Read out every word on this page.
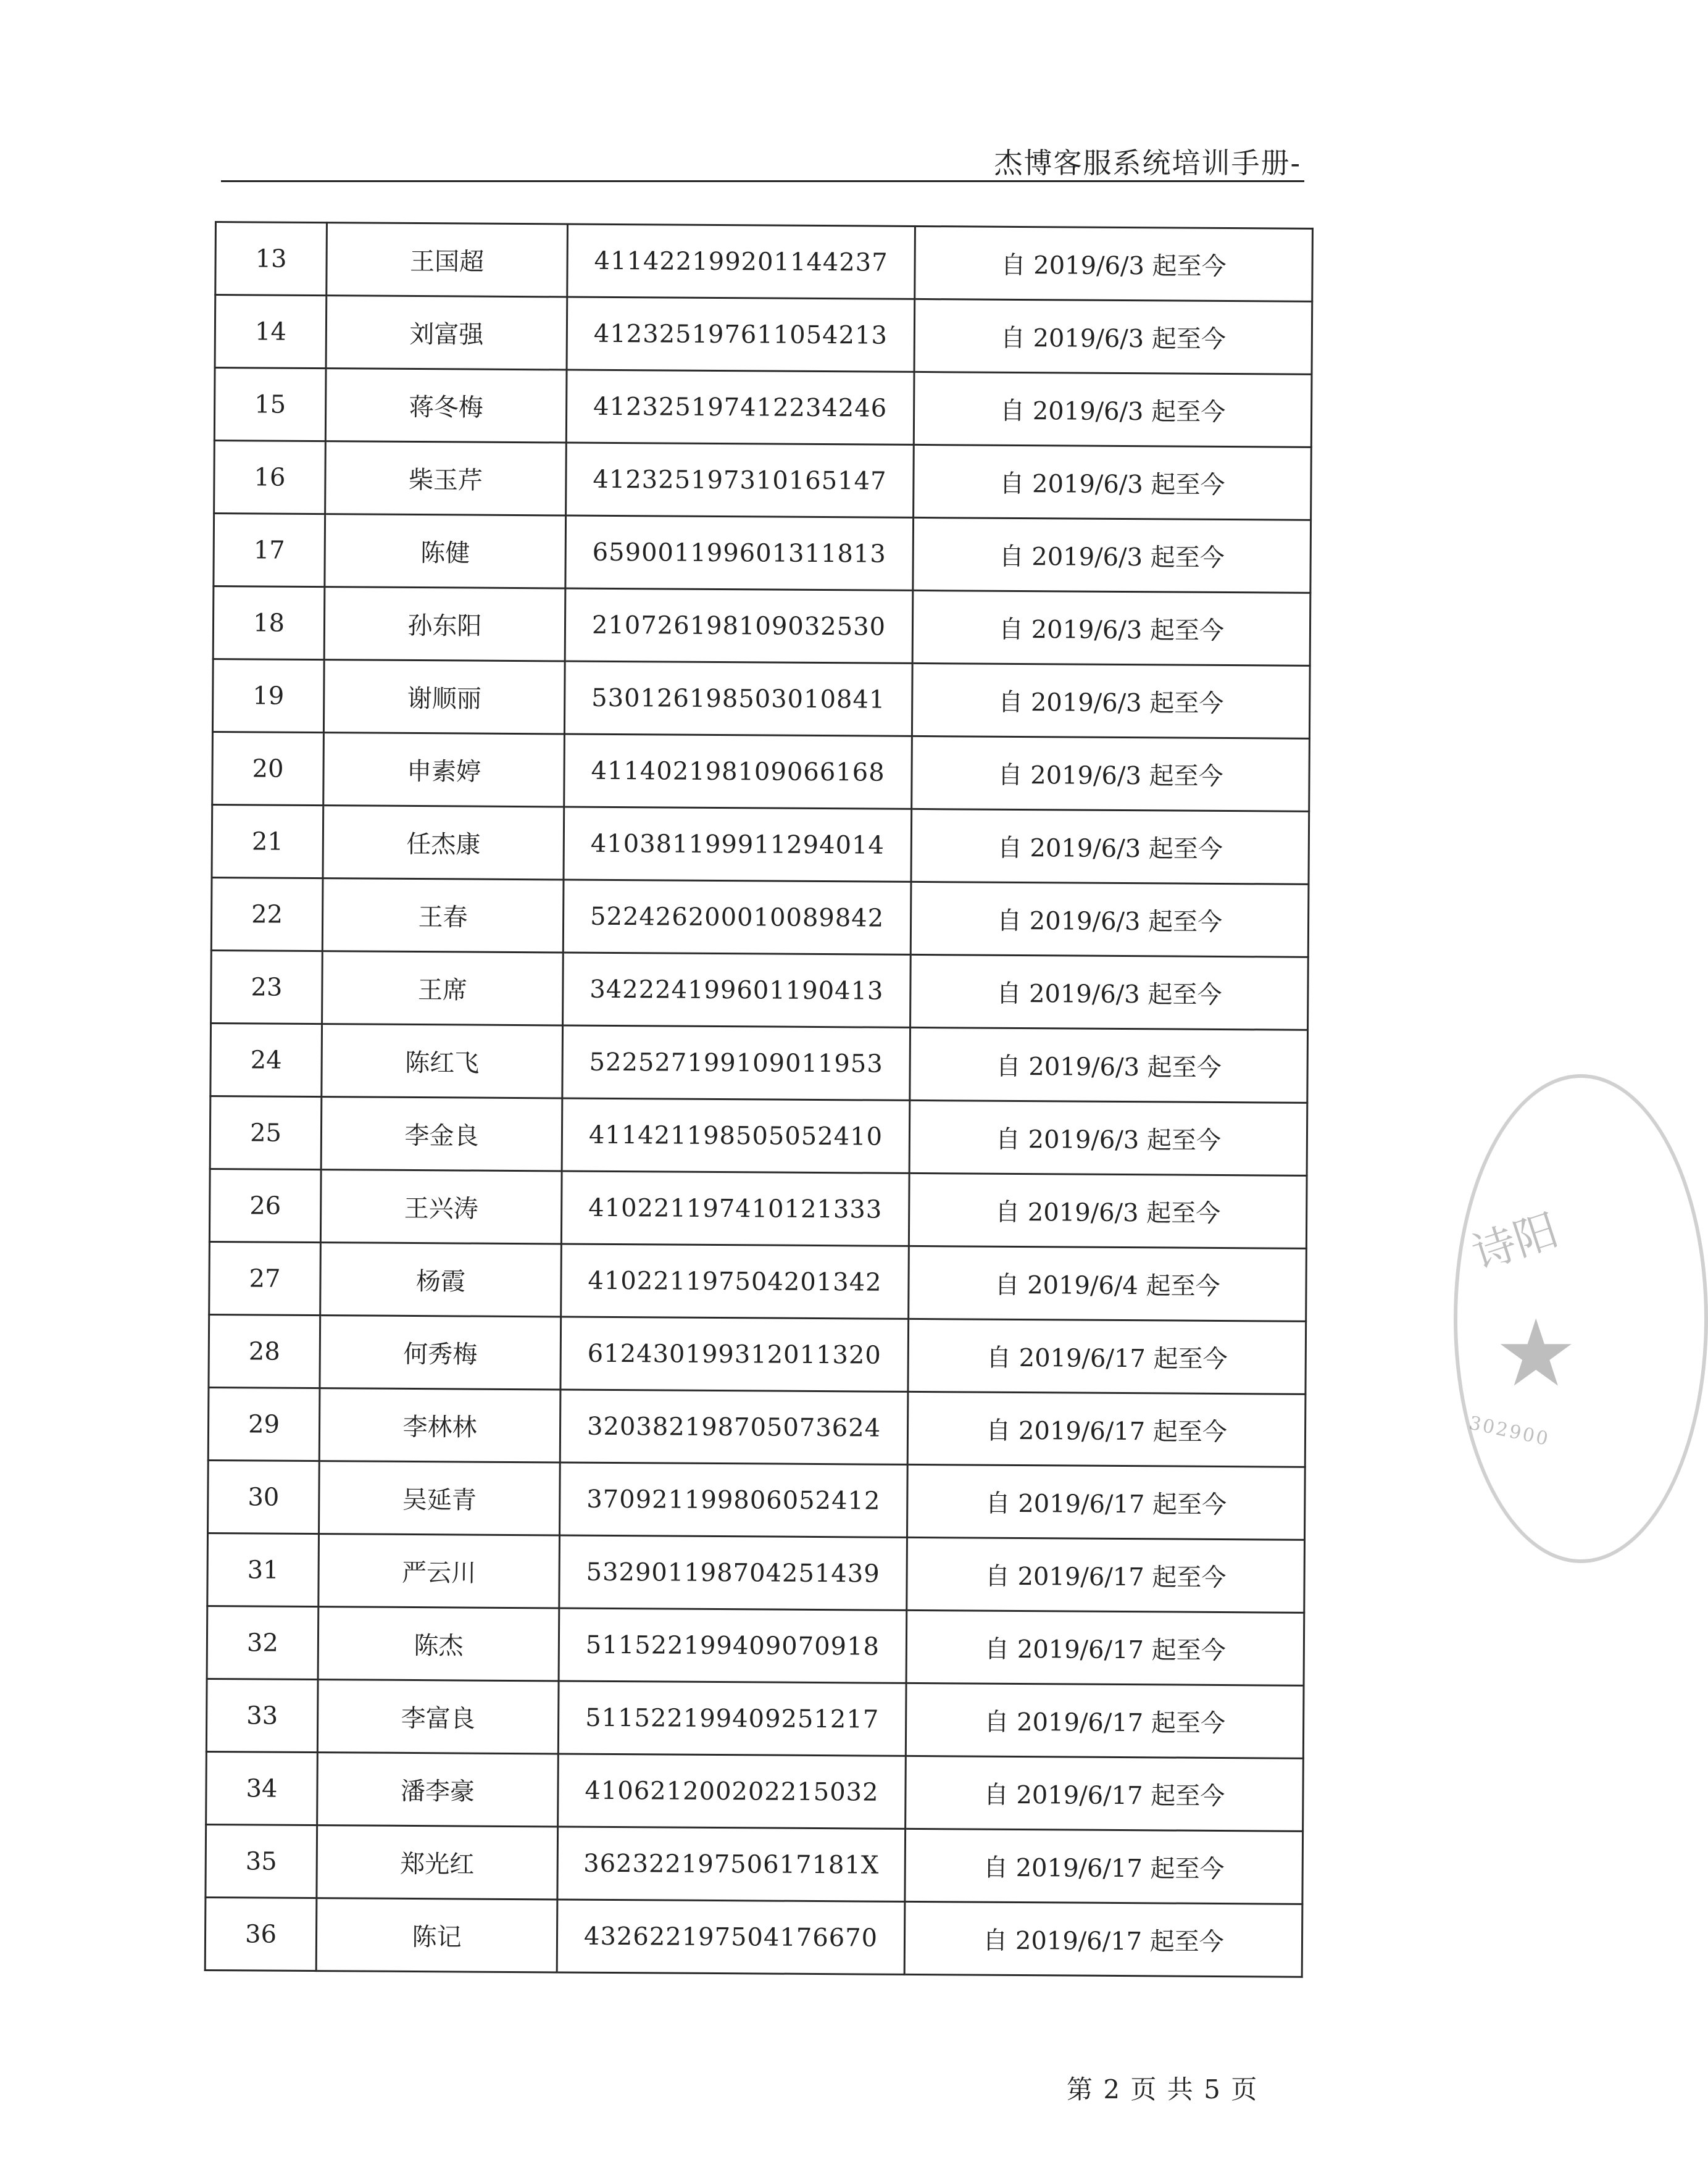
杰博客服系统培训手册-
13	王国超	411422199201144237	自 2019/6/3 起至今
14	刘富强	412325197611054213	自 2019/6/3 起至今
15	蒋冬梅	412325197412234246	自 2019/6/3 起至今
16	柴玉芹	412325197310165147	自 2019/6/3 起至今
17	陈健	659001199601311813	自 2019/6/3 起至今
18	孙东阳	210726198109032530	自 2019/6/3 起至今
19	谢顺丽	530126198503010841	自 2019/6/3 起至今
20	申素婷	411402198109066168	自 2019/6/3 起至今
21	任杰康	410381199911294014	自 2019/6/3 起至今
22	王春	522426200010089842	自 2019/6/3 起至今
23	王席	342224199601190413	自 2019/6/3 起至今
24	陈红飞	522527199109011953	自 2019/6/3 起至今
25	李金良	411421198505052410	自 2019/6/3 起至今
26	王兴涛	410221197410121333	自 2019/6/3 起至今
27	杨霞	410221197504201342	自 2019/6/4 起至今
28	何秀梅	612430199312011320	自 2019/6/17 起至今
29	李林林	320382198705073624	自 2019/6/17 起至今
30	吴延青	370921199806052412	自 2019/6/17 起至今
31	严云川	532901198704251439	自 2019/6/17 起至今
32	陈杰	511522199409070918	自 2019/6/17 起至今
33	李富良	511522199409251217	自 2019/6/17 起至今
34	潘李豪	410621200202215032	自 2019/6/17 起至今
35	郑光红	36232219750617181X	自 2019/6/17 起至今
36	陈记	432622197504176670	自 2019/6/17 起至今
诗阳
★
302900
第 2 页 共 5 页
